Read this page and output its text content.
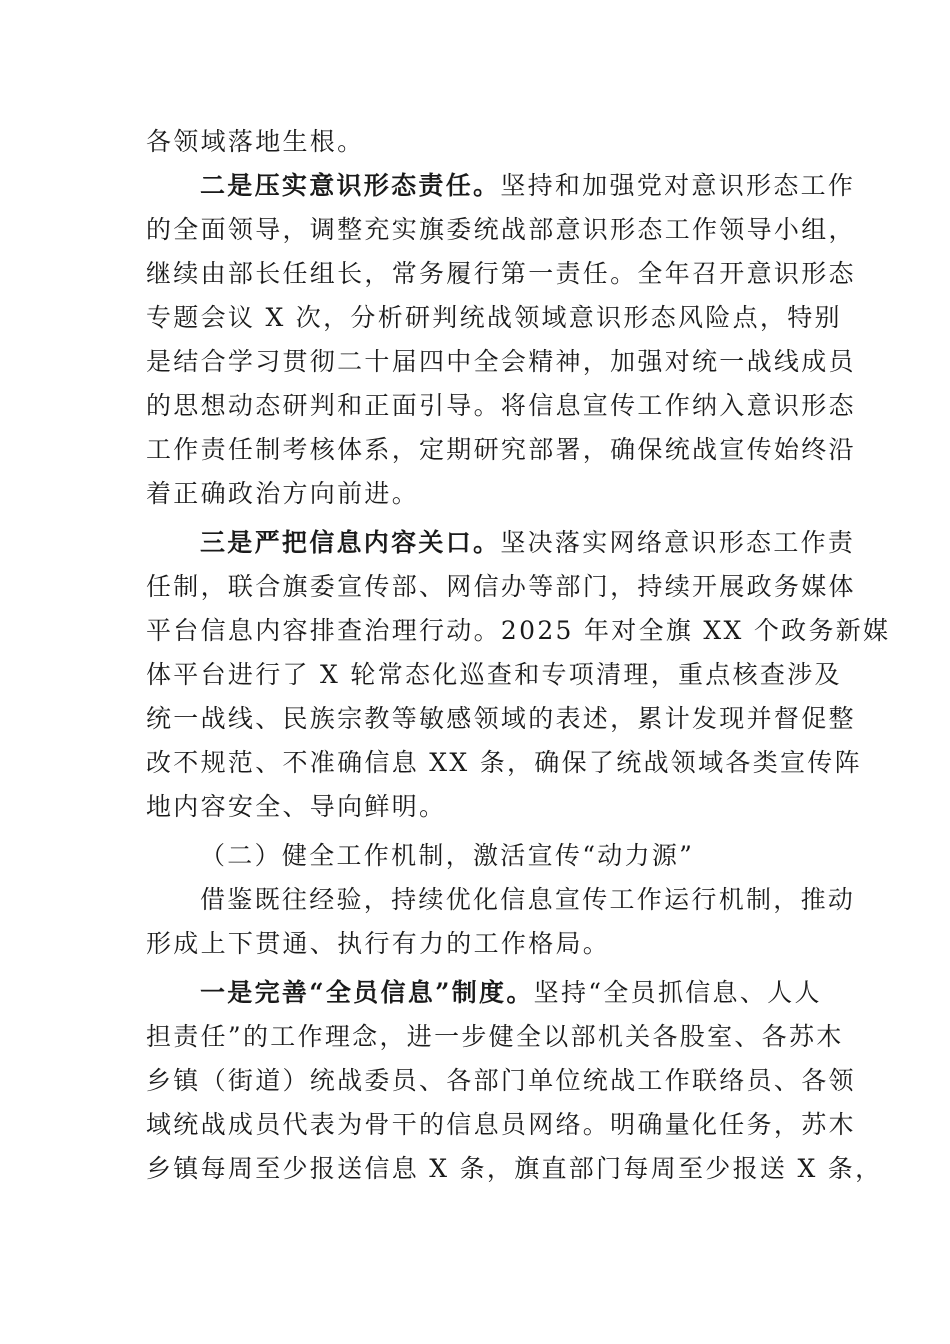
各领域落地生根。
二是压实意识形态责任。坚持和加强党对意识形态工作
的全面领导，调整充实旗委统战部意识形态工作领导小组，
继续由部长任组长，常务履行第一责任。全年召开意识形态
专题会议 X 次，分析研判统战领域意识形态风险点，特别
是结合学习贯彻二十届四中全会精神，加强对统一战线成员
的思想动态研判和正面引导。将信息宣传工作纳入意识形态
工作责任制考核体系，定期研究部署，确保统战宣传始终沿
着正确政治方向前进。
三是严把信息内容关口。坚决落实网络意识形态工作责
任制，联合旗委宣传部、网信办等部门，持续开展政务媒体
平台信息内容排查治理行动。2025 年对全旗 XX 个政务新媒
体平台进行了 X 轮常态化巡查和专项清理，重点核查涉及
统一战线、民族宗教等敏感领域的表述，累计发现并督促整
改不规范、不准确信息 XX 条，确保了统战领域各类宣传阵
地内容安全、导向鲜明。
（二）健全工作机制，激活宣传“动力源”
借鉴既往经验，持续优化信息宣传工作运行机制，推动
形成上下贯通、执行有力的工作格局。
一是完善“全员信息”制度。坚持“全员抓信息、人人
担责任”的工作理念，进一步健全以部机关各股室、各苏木
乡镇（街道）统战委员、各部门单位统战工作联络员、各领
域统战成员代表为骨干的信息员网络。明确量化任务，苏木
乡镇每周至少报送信息 X 条，旗直部门每周至少报送 X 条，
